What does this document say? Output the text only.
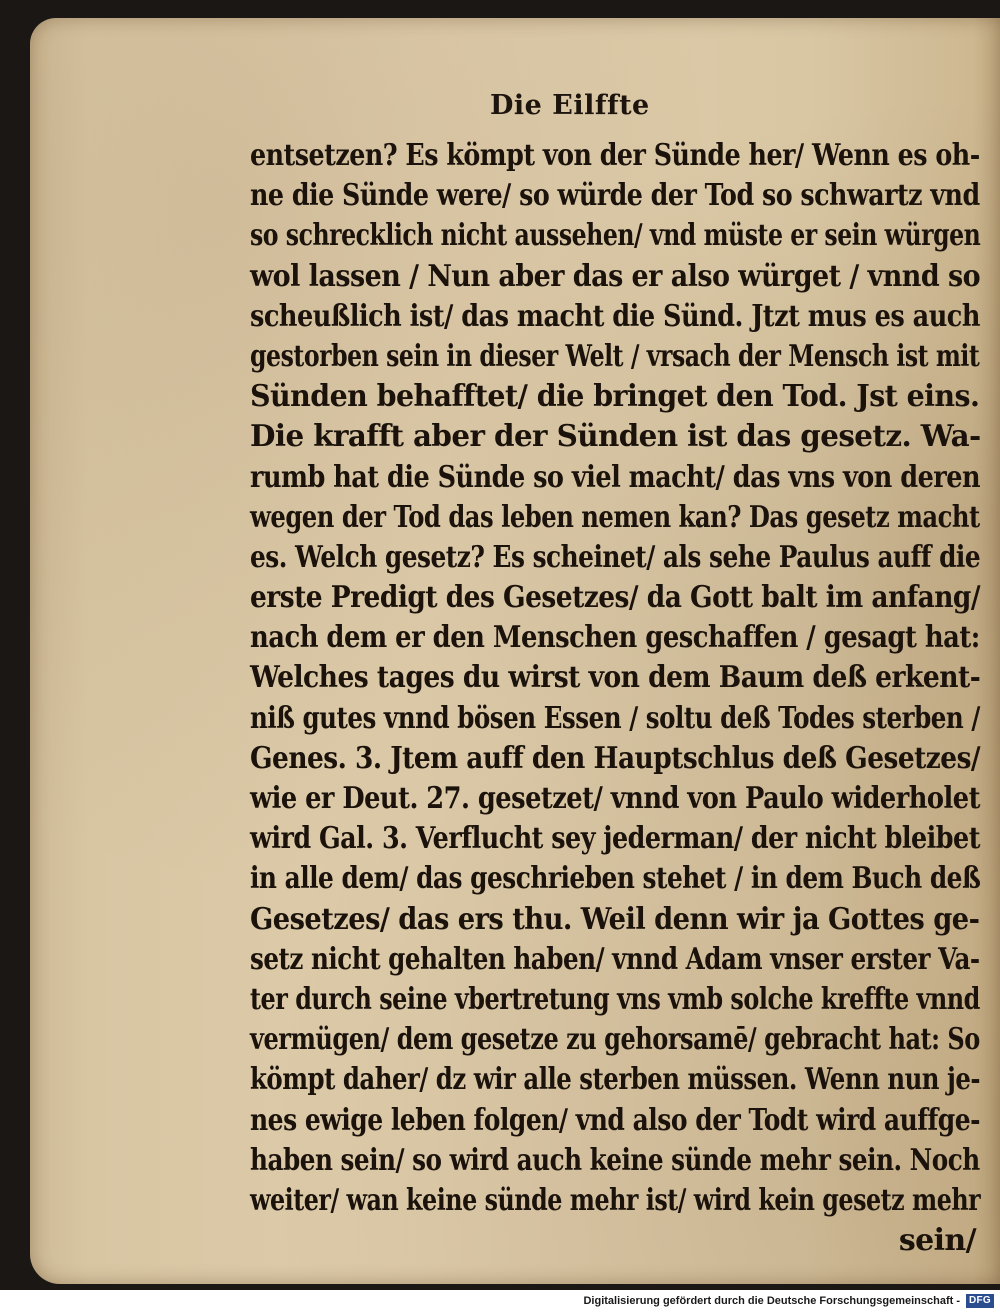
Die Eilffte
entsetzen? Es kömpt von der Sünde her/ Wenn es oh-
ne die Sünde were/ so würde der Tod so schwartz vnd
so schrecklich nicht aussehen/ vnd müste er sein würgen
wol lassen / Nun aber das er also würget / vnnd so
scheußlich ist/ das macht die Sünd. Jtzt mus es auch
gestorben sein in dieser Welt / vrsach der Mensch ist mit
Sünden behafftet/ die bringet den Tod. Jst eins.
Die krafft aber der Sünden ist das gesetz. Wa-
rumb hat die Sünde so viel macht/ das vns von deren
wegen der Tod das leben nemen kan? Das gesetz macht
es. Welch gesetz? Es scheinet/ als sehe Paulus auff die
erste Predigt des Gesetzes/ da Gott balt im anfang/
nach dem er den Menschen geschaffen / gesagt hat:
Welches tages du wirst von dem Baum deß erkent-
niß gutes vnnd bösen Essen / soltu deß Todes sterben /
Genes. 3. Jtem auff den Hauptschlus deß Gesetzes/
wie er Deut. 27. gesetzet/ vnnd von Paulo widerholet
wird Gal. 3. Verflucht sey jederman/ der nicht bleibet
in alle dem/ das geschrieben stehet / in dem Buch deß
Gesetzes/ das ers thu. Weil denn wir ja Gottes ge-
setz nicht gehalten haben/ vnnd Adam vnser erster Va-
ter durch seine vbertretung vns vmb solche kreffte vnnd
vermügen/ dem gesetze zu gehorsamē/ gebracht hat: So
kömpt daher/ dz wir alle sterben müssen. Wenn nun je-
nes ewige leben folgen/ vnd also der Todt wird auffge-
haben sein/ so wird auch keine sünde mehr sein. Noch
weiter/ wan keine sünde mehr ist/ wird kein gesetz mehr
sein/
Digitalisierung gefördert durch die Deutsche Forschungsgemeinschaft - DFG
